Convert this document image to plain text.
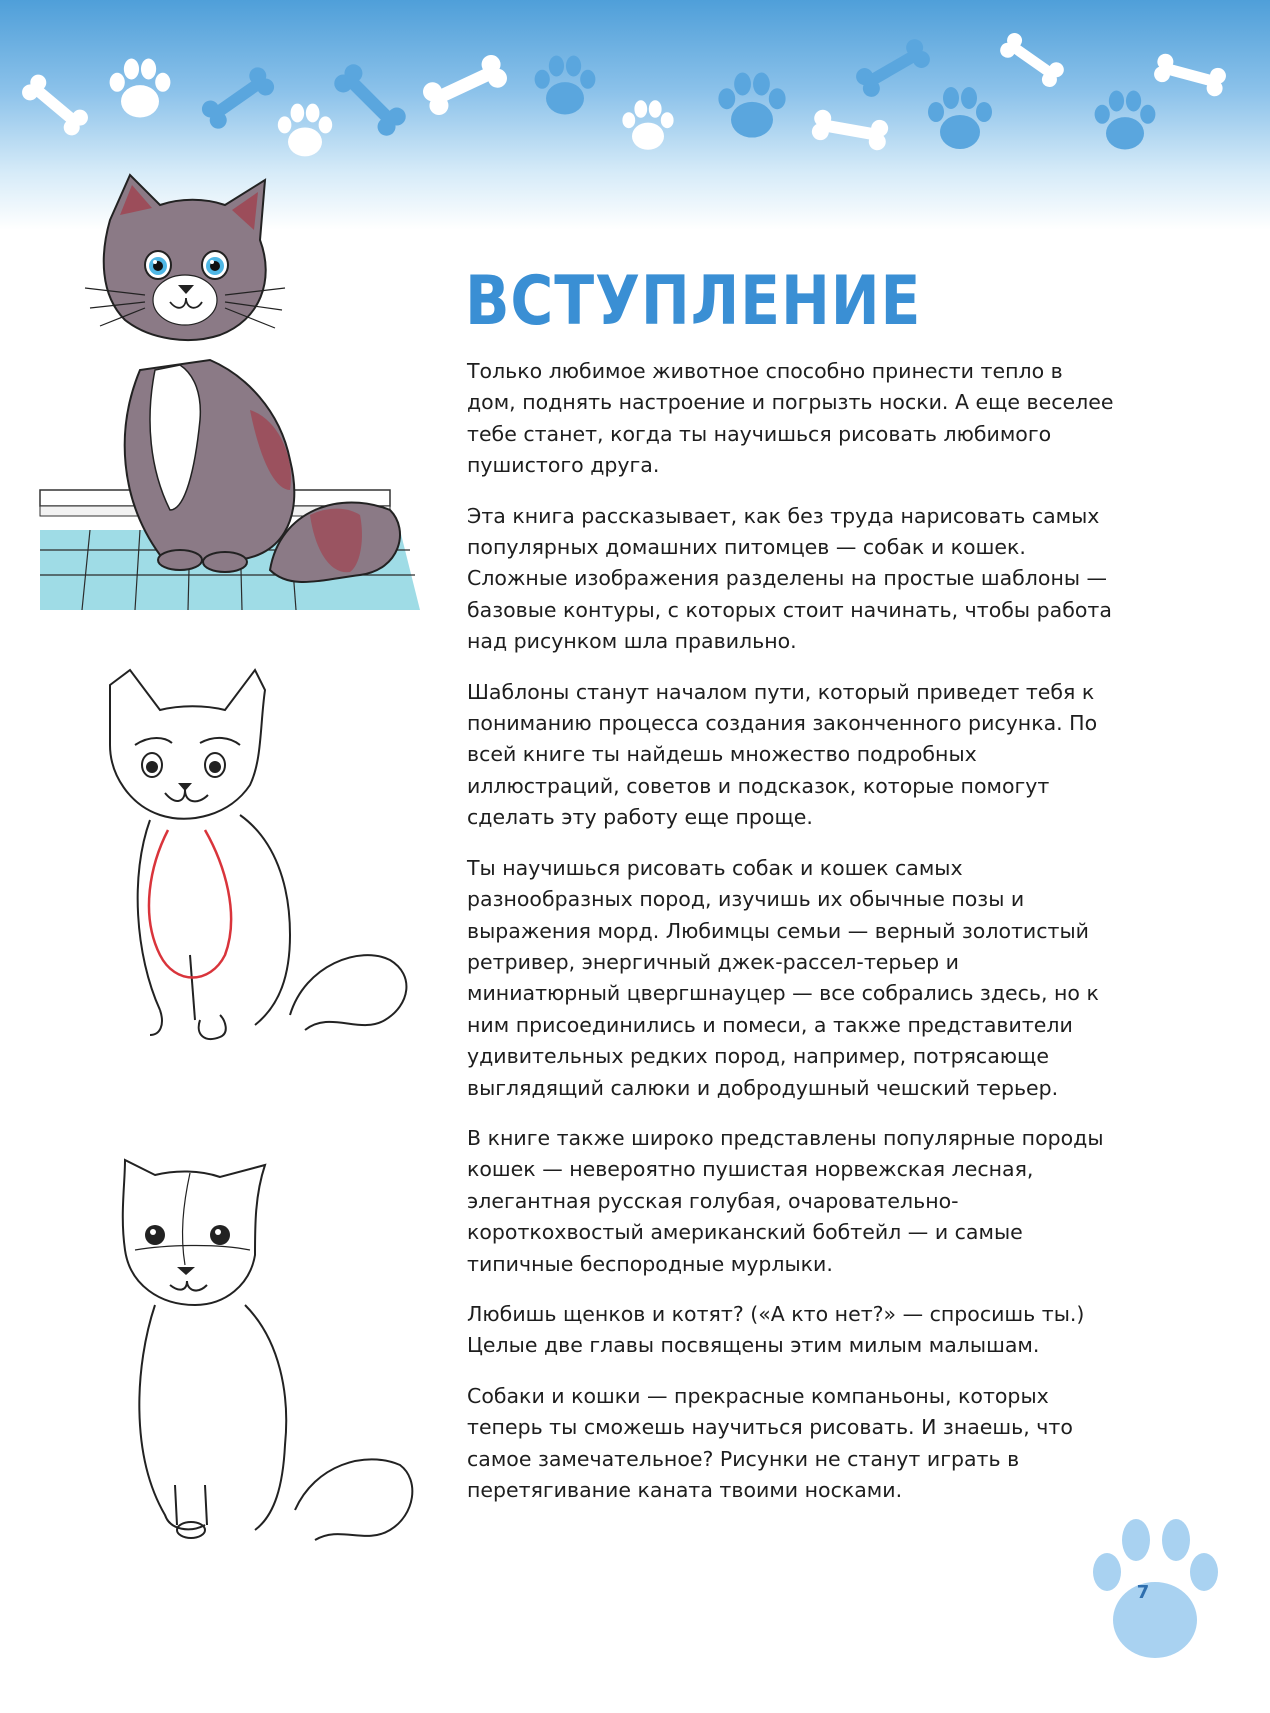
ВСТУПЛЕНИЕ

Только любимое животное способно принести тепло в дом, поднять настроение и погрызть носки. А еще веселее тебе станет, когда ты научишься рисовать любимого пушистого друга.

Эта книга рассказывает, как без труда нарисовать самых популярных домашних питомцев — собак и кошек. Сложные изображения разделены на простые шаблоны — базовые контуры, с которых стоит начинать, чтобы работа над рисунком шла правильно.

Шаблоны станут началом пути, который приведет тебя к пониманию процесса создания законченного рисунка. По всей книге ты найдешь множество подробных иллюстраций, советов и подсказок, которые помогут сделать эту работу еще проще.

Ты научишься рисовать собак и кошек самых разнообразных пород, изучишь их обычные позы и выражения морд. Любимцы семьи — верный золотистый ретривер, энергичный джек-рассел-терьер и миниатюрный цвергшнауцер — все собрались здесь, но к ним присоединились и помеси, а также представители удивительных редких пород, например, потрясающе выглядящий салюки и добродушный чешский терьер.

В книге также широко представлены популярные породы кошек — невероятно пушистая норвежская лесная, элегантная русская голубая, очаровательно-короткохвостый американский бобтейл — и самые типичные беспородные мурлыки.

Любишь щенков и котят? («А кто нет?» — спросишь ты.) Целые две главы посвящены этим милым малышам.

Собаки и кошки — прекрасные компаньоны, которых теперь ты сможешь научиться рисовать. И знаешь, что самое замечательное? Рисунки не станут играть в перетягивание каната твоими носками.

7
